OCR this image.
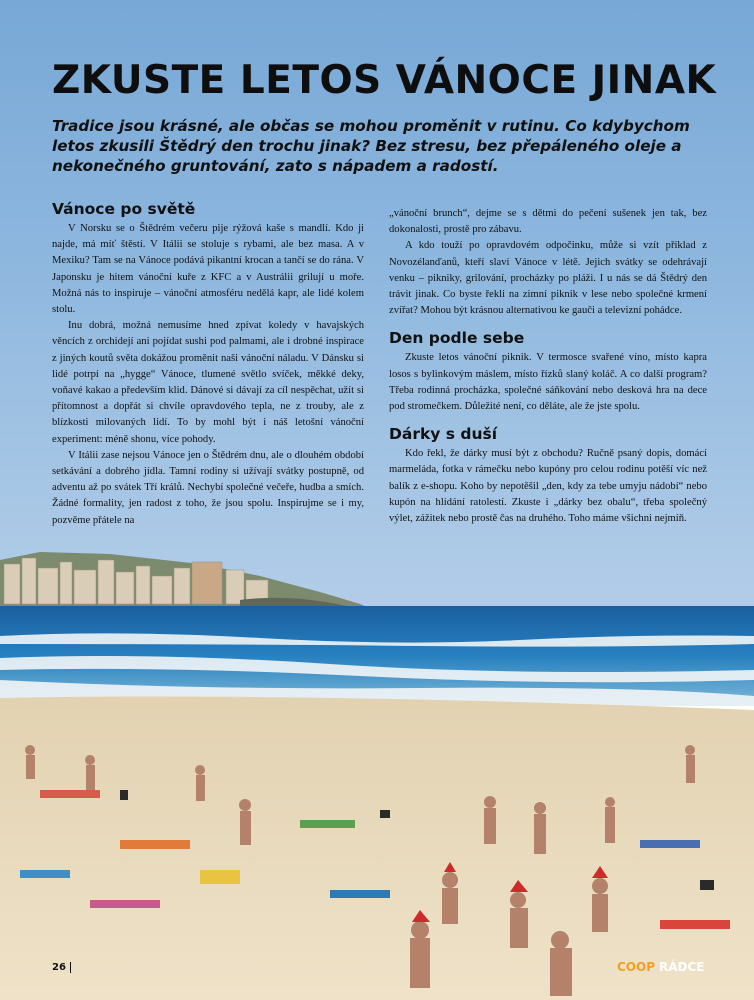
ZKUSTE LETOS VÁNOCE JINAK

Tradice jsou krásné, ale občas se mohou proměnit v rutinu. Co kdybychom letos zkusili Štědrý den trochu jinak? Bez stresu, bez přepáleného oleje a nekonečného gruntování, zato s nápadem a radostí.

Vánoce po světě

V Norsku se o Štědrém večeru pije rýžová kaše s mandlí. Kdo ji najde, má míť štěstí. V Itálii se stoluje s rybami, ale bez masa. A v Mexiku? Tam se na Vánoce podává pikantní krocan a tančí se do rána. V Japonsku je hitem vánoční kuře z KFC a v Austrálii grilují u moře. Možná nás to inspiruje – vánoční atmosféru nedělá kapr, ale lidé kolem stolu.

Inu dobrá, možná nemusíme hned zpívat koledy v havajských věncích z orchidejí ani pojídat sushi pod palmami, ale i drobné inspirace z jiných koutů světa dokážou proměnit naši vánoční náladu. V Dánsku si lidé potrpí na „hygge“ Vánoce, tlumené světlo svíček, měkké deky, voňavé kakao a především klid. Dánové si dávají za cíl nespěchat, užít si přítomnost a dopřát si chvíle opravdového tepla, ne z trouby, ale z blízkosti milovaných lidí. To by mohl být i náš letošní vánoční experiment: méně shonu, více pohody.

V Itálii zase nejsou Vánoce jen o Štědrém dnu, ale o dlouhém období setkávání a dobrého jídla. Tamní rodiny si užívají svátky postupně, od adventu až po svátek Tří králů. Nechybí společné večeře, hudba a smích. Žádné formality, jen radost z toho, že jsou spolu. Inspirujme se i my, pozvěme přátele na

„vánoční brunch“, dejme se s dětmi do pečení sušenek jen tak, bez dokonalosti, prostě pro zábavu.

A kdo touží po opravdovém odpočinku, může si vzít příklad z Novozélanďanů, kteří slaví Vánoce v létě. Jejich svátky se odehrávají venku – pikniky, grilování, procházky po pláži. I u nás se dá Štědrý den trávit jinak. Co byste řekli na zimní piknik v lese nebo společné krmení zvířat? Mohou být krásnou alternativou ke gauči a televizní pohádce.

Den podle sebe

Zkuste letos vánoční piknik. V termosce svařené víno, místo kapra losos s bylinkovým máslem, místo řízků slaný koláč. A co další program? Třeba rodinná procházka, společné sáňkování nebo desková hra na dece pod stromečkem. Důležité není, co děláte, ale že jste spolu.

Dárky s duší

Kdo řekl, že dárky musí být z obchodu? Ručně psaný dopis, domácí marmeláda, fotka v rámečku nebo kupóny pro celou rodinu potěší víc než balík z e-shopu. Koho by nepotěšil „den, kdy za tebe umyju nádobí“ nebo kupón na hlídání ratolestí. Zkuste i „dárky bez obalu“, třeba společný výlet, zážitek nebo prostě čas na druhého. Toho máme všichni nejmíň.

26	COOP RÁDCE
